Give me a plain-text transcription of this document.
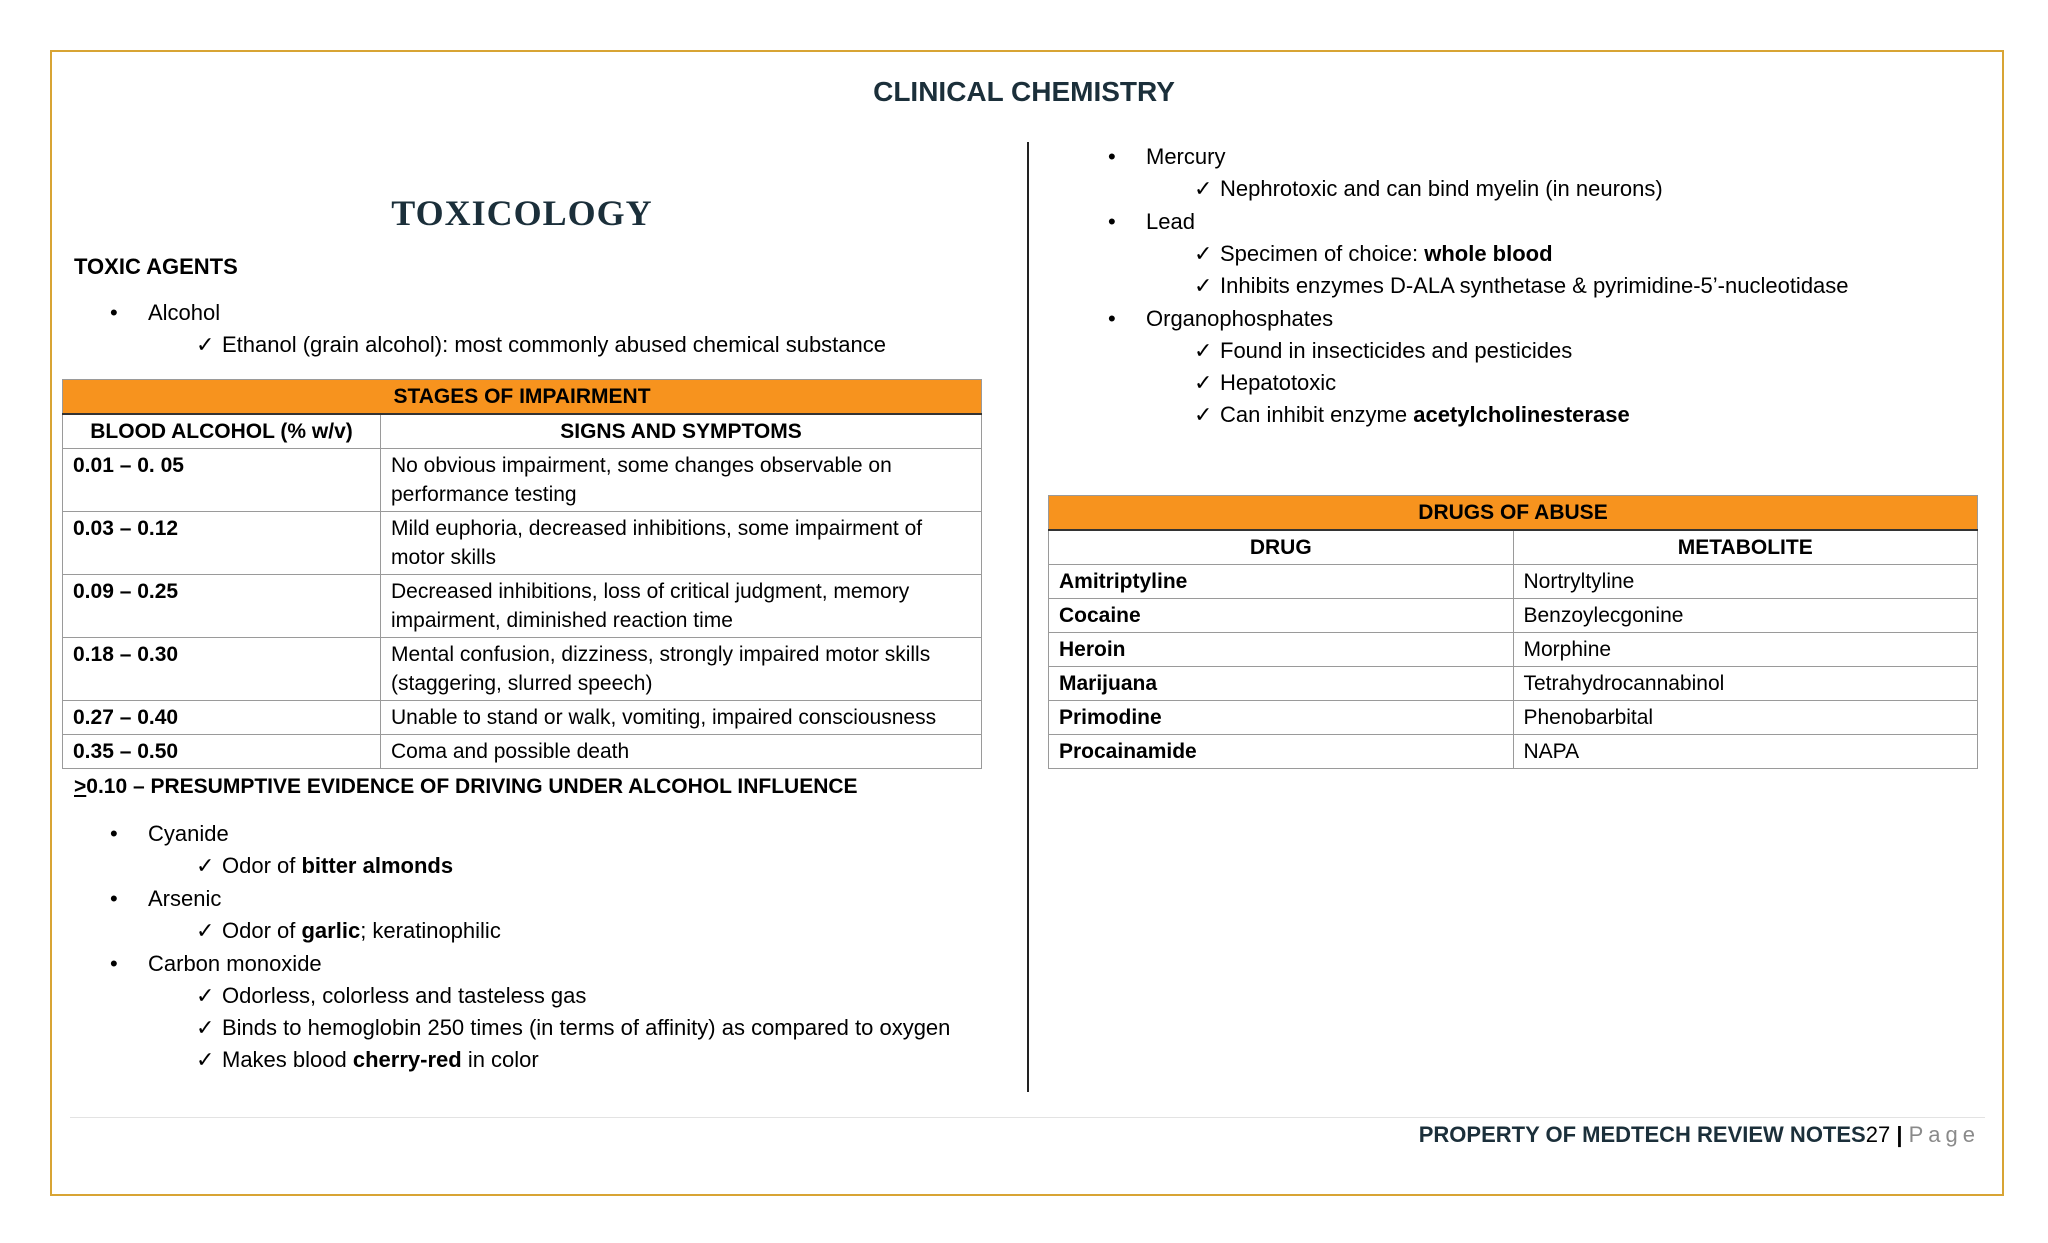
CLINICAL CHEMISTRY
TOXICOLOGY
TOXIC AGENTS
• Alcohol
✓ Ethanol (grain alcohol): most commonly abused chemical substance
STAGES OF IMPAIRMENT	
BLOOD ALCOHOL (% w/v)	SIGNS AND SYMPTOMS
0.01 – 0. 05	No obvious impairment, some changes observable on performance testing
0.03 – 0.12	Mild euphoria, decreased inhibitions, some impairment of motor skills
0.09 – 0.25	Decreased inhibitions, loss of critical judgment, memory impairment, diminished reaction time
0.18 – 0.30	Mental confusion, dizziness, strongly impaired motor skills (staggering, slurred speech)
0.27 – 0.40	Unable to stand or walk, vomiting, impaired consciousness
0.35 – 0.50	Coma and possible death
>0.10 – PRESUMPTIVE EVIDENCE OF DRIVING UNDER ALCOHOL INFLUENCE
• Cyanide
✓ Odor of bitter almonds
• Arsenic
✓ Odor of garlic; keratinophilic
• Carbon monoxide
✓ Odorless, colorless and tasteless gas
✓ Binds to hemoglobin 250 times (in terms of affinity) as compared to oxygen
✓ Makes blood cherry-red in color
• Mercury
✓ Nephrotoxic and can bind myelin (in neurons)
• Lead
✓ Specimen of choice: whole blood
✓ Inhibits enzymes D-ALA synthetase & pyrimidine-5’-nucleotidase
• Organophosphates
✓ Found in insecticides and pesticides
✓ Hepatotoxic
✓ Can inhibit enzyme acetylcholinesterase
DRUGS OF ABUSE	
DRUG	METABOLITE
Amitriptyline	Nortryltyline
Cocaine	Benzoylecgonine
Heroin	Morphine
Marijuana	Tetrahydrocannabinol
Primodine	Phenobarbital
Procainamide	NAPA
PROPERTY OF MEDTECH REVIEW NOTES27 | Page
